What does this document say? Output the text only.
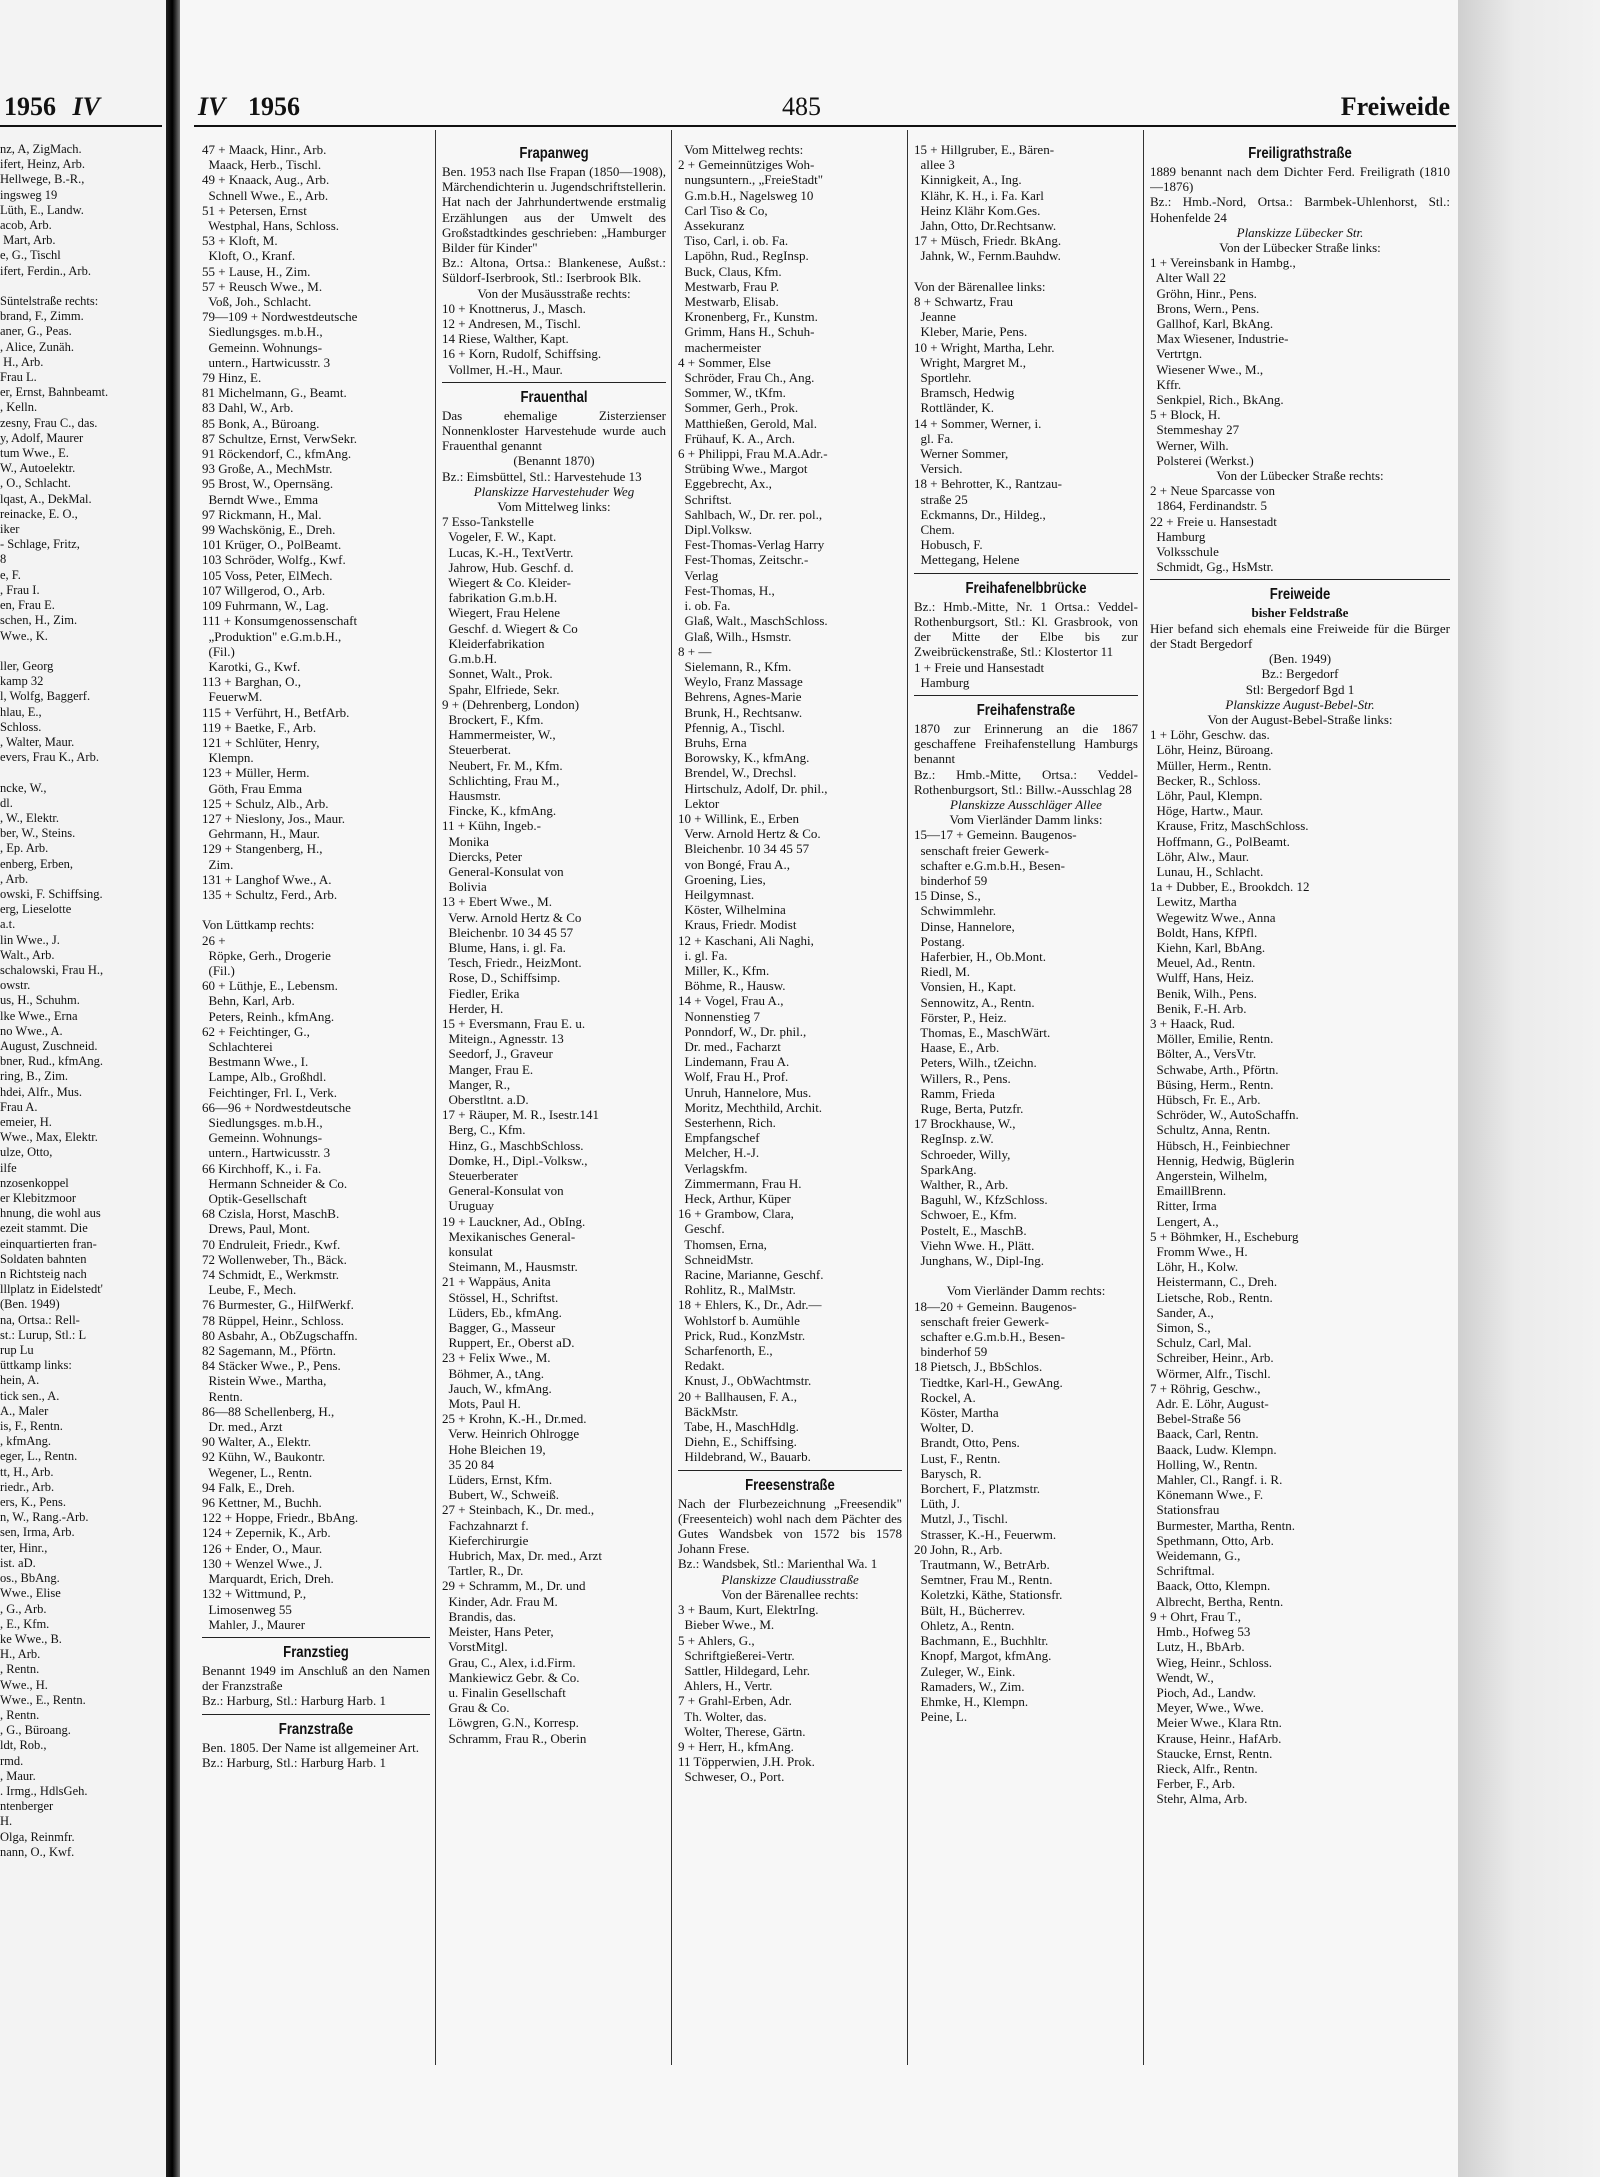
1956 IV
nz, A, ZigMach.
ifert, Heinz, Arb.
Hellwege, B.-R.,
ingsweg 19
Lüth, E., Landw.
acob, Arb.
Mart, Arb.
e, G., Tischl
ifert, Ferdin., Arb.

Süntelstraße rechts:
brand, F., Zimm.
aner, G., Peas.
, Alice, Zunäh.
H., Arb.
Frau L.
er, Ernst, Bahnbeamt.
, Kelln.
zesny, Frau C., das.
y, Adolf, Maurer
tum Wwe., E.
W., Autoelektr.
, O., Schlacht.
lqast, A., DekMal.
reinacke, E. O.,
iker
- Schlage, Fritz,
8
e, F.
, Frau I.
en, Frau E.
schen, H., Zim.
Wwe., K.

ller, Georg
kamp 32
l, Wolfg, Baggerf.
hlau, E.,
Schloss.
, Walter, Maur.
evers, Frau K., Arb.

ncke, W.,
dl.
, W., Elektr.
ber, W., Steins.
, Ep. Arb.
enberg, Erben,
, Arb.
owski, F. Schiffsing.
erg, Lieselotte
a.t.
lin Wwe., J.
Walt., Arb.
schalowski, Frau H.,
owstr.
us, H., Schuhm.
lke Wwe., Erna
no Wwe., A.
August, Zuschneid.
bner, Rud., kfmAng.
ring, B., Zim.
hdei, Alfr., Mus.
Frau A.
emeier, H.
Wwe., Max, Elektr.
ulze, Otto,
ilfe
nzosenkoppel
er Klebitzmoor
hnung, die wohl aus
ezeit stammt. Die
einquartierten fran-
Soldaten bahnten
n Richtsteig nach
lllplatz in Eidelstedt'
(Ben. 1949)
na, Ortsa.: Rell-
st.: Lurup, Stl.: L
rup Lu
üttkamp links:
hein, A.
tick sen., A.
A., Maler
is, F., Rentn.
, kfmAng.
eger, L., Rentn.
tt, H., Arb.
riedr., Arb.
ers, K., Pens.
n, W., Rang.-Arb.
sen, Irma, Arb.
ter, Hinr.,
ist. aD.
os., BbAng.
Wwe., Elise
, G., Arb.
, E., Kfm.
ke Wwe., B.
H., Arb.
, Rentn.
Wwe., H.
Wwe., E., Rentn.
, Rentn.
, G., Büroang.
ldt, Rob.,
rmd.
, Maur.
. Irmg., HdlsGeh.
ntenberger
H.
Olga, Reinmfr.
nann, O., Kwf.
IV 1956	485	Freiweide
47 + Maack, Hinr., Arb.
Maack, Herb., Tischl.
49 + Knaack, Aug., Arb.
Schnell Wwe., E., Arb.
51 + Petersen, Ernst
Westphal, Hans, Schloss.
53 + Kloft, M.
Kloft, O., Kranf.
55 + Lause, H., Zim.
57 + Reusch Wwe., M.
Voß, Joh., Schlacht.
79—109 + Nordwestdeutsche
Siedlungsges. m.b.H.,
Gemeinn. Wohnungs-
untern., Hartwicusstr. 3
79 Hinz, E.
81 Michelmann, G., Beamt.
83 Dahl, W., Arb.
85 Bonk, A., Büroang.
87 Schultze, Ernst, VerwSekr.
91 Röckendorf, C., kfmAng.
93 Große, A., MechMstr.
95 Brost, W., Opernsäng.
Berndt Wwe., Emma
97 Rickmann, H., Mal.
99 Wachskönig, E., Dreh.
101 Krüger, O., PolBeamt.
103 Schröder, Wolfg., Kwf.
105 Voss, Peter, ElMech.
107 Willgerod, O., Arb.
109 Fuhrmann, W., Lag.
111 + Konsumgenossenschaft
„Produktion" e.G.m.b.H.,
(Fil.)
Karotki, G., Kwf.
113 + Barghan, O.,
FeuerwM.
115 + Verführt, H., BetfArb.
119 + Baetke, F., Arb.
121 + Schlüter, Henry,
Klempn.
123 + Müller, Herm.
Göth, Frau Emma
125 + Schulz, Alb., Arb.
127 + Nieslony, Jos., Maur.
Gehrmann, H., Maur.
129 + Stangenberg, H.,
Zim.
131 + Langhof Wwe., A.
135 + Schultz, Ferd., Arb.

Von Lüttkamp rechts:
26 +
Röpke, Gerh., Drogerie
(Fil.)
60 + Lüthje, E., Lebensm.
Behn, Karl, Arb.
Peters, Reinh., kfmAng.
62 + Feichtinger, G.,
Schlachterei
Bestmann Wwe., I.
Lampe, Alb., Großhdl.
Feichtinger, Frl. I., Verk.
66—96 + Nordwestdeutsche
Siedlungsges. m.b.H.,
Gemeinn. Wohnungs-
untern., Hartwicusstr. 3
66 Kirchhoff, K., i. Fa.
Hermann Schneider & Co.
Optik-Gesellschaft
68 Czisla, Horst, MaschB.
Drews, Paul, Mont.
70 Endruleit, Friedr., Kwf.
72 Wollenweber, Th., Bäck.
74 Schmidt, E., Werkmstr.
Leube, F., Mech.
76 Burmester, G., HilfWerkf.
78 Rüppel, Heinr., Schloss.
80 Asbahr, A., ObZugschaffn.
82 Sagemann, M., Pförtn.
84 Stäcker Wwe., P., Pens.
Ristein Wwe., Martha,
Rentn.
86—88 Schellenberg, H.,
Dr. med., Arzt
90 Walter, A., Elektr.
92 Kühn, W., Baukontr.
Wegener, L., Rentn.
94 Falk, E., Dreh.
96 Kettner, M., Buchh.
122 + Hoppe, Friedr., BbAng.
124 + Zepernik, K., Arb.
126 + Ender, O., Maur.
130 + Wenzel Wwe., J.
Marquardt, Erich, Dreh.
132 + Wittmund, P.,
Limosenweg 55
Mahler, J., Maurer
Franzstieg
Benannt 1949 im Anschluß an den Namen der Franzstraße
Bz.: Harburg, Stl.: Harburg Harb. 1
Franzstraße
Ben. 1805. Der Name ist allgemeiner Art.
Bz.: Harburg, Stl.: Harburg Harb. 1
Frapanweg
Ben. 1953 nach Ilse Frapan (1850—1908), Märchendichterin u. Jugendschriftstellerin. Hat nach der Jahrhundertwende erstmalig Erzählungen aus der Umwelt des Großstadtkindes geschrieben: „Hamburger Bilder für Kinder"
Bz.: Altona, Ortsa.: Blankenese, Außst.: Süldorf-Iserbrook, Stl.: Iserbrook Blk.
Von der Musäusstraße rechts:
10 + Knottnerus, J., Masch.
12 + Andresen, M., Tischl.
14 Riese, Walther, Kapt.
16 + Korn, Rudolf, Schiffsing.
Vollmer, H.-H., Maur.
Frauenthal
Das ehemalige Zisterzienser Nonnenkloster Harvestehude wurde auch Frauenthal genannt
(Benannt 1870)
Bz.: Eimsbüttel, Stl.: Harvestehude 13
Planskizze Harvestehuder Weg
Vom Mittelweg links:
7 Esso-Tankstelle
Vogeler, F. W., Kapt.
Lucas, K.-H., TextVertr.
Jahrow, Hub. Geschf. d.
Wiegert & Co. Kleider-
fabrikation G.m.b.H.
Wiegert, Frau Helene
Geschf. d. Wiegert & Co
Kleiderfabrikation
G.m.b.H.
Sonnet, Walt., Prok.
Spahr, Elfriede, Sekr.
9 + (Dehrenberg, London)
Brockert, F., Kfm.
Hammermeister, W.,
Steuerberat.
Neubert, Fr. M., Kfm.
Schlichting, Frau M.,
Hausmstr.
Fincke, K., kfmAng.
11 + Kühn, Ingeb.-
Monika
Diercks, Peter
General-Konsulat von
Bolivia
13 + Ebert Wwe., M.
Verw. Arnold Hertz & Co
Bleichenbr. 10 34 45 57
Blume, Hans, i. gl. Fa.
Tesch, Friedr., HeizMont.
Rose, D., Schiffsimp.
Fiedler, Erika
Herder, H.
15 + Eversmann, Frau E. u.
Miteign., Agnesstr. 13
Seedorf, J., Graveur
Manger, Frau E.
Manger, R.,
Oberstltnt. a.D.
17 + Räuper, M. R., Isestr.141
Berg, C., Kfm.
Hinz, G., MaschbSchloss.
Domke, H., Dipl.-Volksw.,
Steuerberater
General-Konsulat von
Uruguay
19 + Lauckner, Ad., ObIng.
Mexikanisches General-
konsulat
Steimann, M., Hausmstr.
21 + Wappäus, Anita
Stössel, H., Schriftst.
Lüders, Eb., kfmAng.
Bagger, G., Masseur
Ruppert, Er., Oberst aD.
23 + Felix Wwe., M.
Böhmer, A., tAng.
Jauch, W., kfmAng.
Mots, Paul H.
25 + Krohn, K.-H., Dr.med.
Verw. Heinrich Ohlrogge
Hohe Bleichen 19,
35 20 84
Lüders, Ernst, Kfm.
Bubert, W., Schweiß.
27 + Steinbach, K., Dr. med.,
Fachzahnarzt f.
Kieferchirurgie
Hubrich, Max, Dr. med., Arzt
Tartler, R., Dr.
29 + Schramm, M., Dr. und
Kinder, Adr. Frau M.
Brandis, das.
Meister, Hans Peter,
VorstMitgl.
Grau, C., Alex, i.d.Firm.
Mankiewicz Gebr. & Co.
u. Finalin Gesellschaft
Grau & Co.
Löwgren, G.N., Korresp.
Schramm, Frau R., Oberin
Vom Mittelweg rechts:
2 + Gemeinnütziges Woh-
nungsuntern., „FreieStadt"
G.m.b.H., Nagelsweg 10
Carl Tiso & Co,
Assekuranz
Tiso, Carl, i. ob. Fa.
Lapöhn, Rud., RegInsp.
Buck, Claus, Kfm.
Mestwarb, Frau P.
Mestwarb, Elisab.
Kronenberg, Fr., Kunstm.
Grimm, Hans H., Schuh-
machermeister
4 + Sommer, Else
Schröder, Frau Ch., Ang.
Sommer, W., tKfm.
Sommer, Gerh., Prok.
Matthießen, Gerold, Mal.
Frühauf, K. A., Arch.
6 + Philippi, Frau M.A.Adr.-
Strübing Wwe., Margot
Eggebrecht, Ax.,
Schriftst.
Sahlbach, W., Dr. rer. pol.,
Dipl.Volksw.
Fest-Thomas-Verlag Harry
Fest-Thomas, Zeitschr.-
Verlag
Fest-Thomas, H.,
i. ob. Fa.
Glaß, Walt., MaschSchloss.
Glaß, Wilh., Hsmstr.
8 + —
Sielemann, R., Kfm.
Weylo, Franz Massage
Behrens, Agnes-Marie
Brunk, H., Rechtsanw.
Pfennig, A., Tischl.
Bruhs, Erna
Borowsky, K., kfmAng.
Brendel, W., Drechsl.
Hirtschulz, Adolf, Dr. phil.,
Lektor
10 + Willink, E., Erben
Verw. Arnold Hertz & Co.
Bleichenbr. 10 34 45 57
von Bongé, Frau A.,
Groening, Lies,
Heilgymnast.
Köster, Wilhelmina
Kraus, Friedr. Modist
12 + Kaschani, Ali Naghi,
i. gl. Fa.
Miller, K., Kfm.
Böhme, R., Hausw.
14 + Vogel, Frau A.,
Nonnenstieg 7
Ponndorf, W., Dr. phil.,
Dr. med., Facharzt
Lindemann, Frau A.
Wolf, Frau H., Prof.
Unruh, Hannelore, Mus.
Moritz, Mechthild, Archit.
Sesterhenn, Rich.
Empfangschef
Melcher, H.-J.
Verlagskfm.
Zimmermann, Frau H.
Heck, Arthur, Küper
16 + Grambow, Clara,
Geschf.
Thomsen, Erna,
SchneidMstr.
Racine, Marianne, Geschf.
Rohlitz, R., MalMstr.
18 + Ehlers, K., Dr., Adr.—
Wohlstorf b. Aumühle
Prick, Rud., KonzMstr.
Scharfenorth, E.,
Redakt.
Knust, J., ObWachtmstr.
20 + Ballhausen, F. A.,
BäckMstr.
Tabe, H., MaschHdlg.
Diehn, E., Schiffsing.
Hildebrand, W., Bauarb.
Freesenstraße
Nach der Flurbezeichnung „Freesendik" (Freesenteich) wohl nach dem Pächter des Gutes Wandsbek von 1572 bis 1578 Johann Frese.
Bz.: Wandsbek, Stl.: Marienthal Wa. 1
Planskizze Claudiusstraße
Von der Bärenallee rechts:
3 + Baum, Kurt, ElektrIng.
Bieber Wwe., M.
5 + Ahlers, G.,
Schriftgießerei-Vertr.
Sattler, Hildegard, Lehr.
Ahlers, H., Vertr.
7 + Grahl-Erben, Adr.
Th. Wolter, das.
Wolter, Therese, Gärtn.
9 + Herr, H., kfmAng.
11 Töpperwien, J.H. Prok.
Schweser, O., Port.
15 + Hillgruber, E., Bären-
allee 3
Kinnigkeit, A., Ing.
Klähr, K. H., i. Fa. Karl
Heinz Klähr Kom.Ges.
Jahn, Otto, Dr.Rechtsanw.
17 + Müsch, Friedr. BkAng.
Jahnk, W., Fernm.Bauhdw.

Von der Bärenallee links:
8 + Schwartz, Frau
Jeanne
Kleber, Marie, Pens.
10 + Wright, Martha, Lehr.
Wright, Margret M.,
Sportlehr.
Bramsch, Hedwig
Rottländer, K.
14 + Sommer, Werner, i.
gl. Fa.
Werner Sommer,
Versich.
18 + Behrotter, K., Rantzau-
straße 25
Eckmanns, Dr., Hildeg.,
Chem.
Hobusch, F.
Mettegang, Helene
Freihafenelbbrücke
Bz.: Hmb.-Mitte, Nr. 1 Ortsa.: Veddel-Rothenburgsort, Stl.: Kl. Grasbrook, von der Mitte der Elbe bis zur Zweibrückenstraße, Stl.: Klostertor 11
1 + Freie und Hansestadt
Hamburg
Freihafenstraße
1870 zur Erinnerung an die 1867 geschaffene Freihafenstellung Hamburgs benannt
Bz.: Hmb.-Mitte, Ortsa.: Veddel-Rothenburgsort, Stl.: Billw.-Ausschlag 28
Planskizze Ausschläger Allee
Vom Vierländer Damm links:
15—17 + Gemeinn. Baugenos-
senschaft freier Gewerk-
schafter e.G.m.b.H., Besen-
binderhof 59
15 Dinse, S.,
Schwimmlehr.
Dinse, Hannelore,
Postang.
Haferbier, H., Ob.Mont.
Riedl, M.
Vonsien, H., Kapt.
Sennowitz, A., Rentn.
Förster, P., Heiz.
Thomas, E., MaschWärt.
Haase, E., Arb.
Peters, Wilh., tZeichn.
Willers, R., Pens.
Ramm, Frieda
Ruge, Berta, Putzfr.
17 Brockhause, W.,
RegInsp. z.W.
Schroeder, Willy,
SparkAng.
Walther, R., Arb.
Baguhl, W., KfzSchloss.
Schwoer, E., Kfm.
Postelt, E., MaschB.
Viehn Wwe. H., Plätt.
Junghans, W., Dipl-Ing.

Vom Vierländer Damm rechts:
18—20 + Gemeinn. Baugenos-
senschaft freier Gewerk-
schafter e.G.m.b.H., Besen-
binderhof 59
18 Pietsch, J., BbSchlos.
Tiedtke, Karl-H., GewAng.
Rockel, A.
Köster, Martha
Wolter, D.
Brandt, Otto, Pens.
Lust, F., Rentn.
Barysch, R.
Borchert, F., Platzmstr.
Lüth, J.
Mutzl, J., Tischl.
Strasser, K.-H., Feuerwm.
20 John, R., Arb.
Trautmann, W., BetrArb.
Semtner, Frau M., Rentn.
Koletzki, Käthe, Stationsfr.
Bült, H., Bücherrev.
Ohletz, A., Rentn.
Bachmann, E., Buchhltr.
Knopf, Margot, kfmAng.
Zuleger, W., Eink.
Ramaders, W., Zim.
Ehmke, H., Klempn.
Peine, L.
Freiligrathstraße
1889 benannt nach dem Dichter Ferd. Freiligrath (1810—1876)
Bz.: Hmb.-Nord, Ortsa.: Barmbek-Uhlenhorst, Stl.: Hohenfelde 24
Planskizze Lübecker Str.
Von der Lübecker Straße links:
1 + Vereinsbank in Hambg.,
Alter Wall 22
Gröhn, Hinr., Pens.
Brons, Wern., Pens.
Gallhof, Karl, BkAng.
Max Wiesener, Industrie-
Vertrtgn.
Wiesener Wwe., M.,
Kffr.
Senkpiel, Rich., BkAng.
5 + Block, H.
Stemmeshay 27
Werner, Wilh.
Polsterei (Werkst.)
Von der Lübecker Straße rechts:
2 + Neue Sparcasse von
1864, Ferdinandstr. 5
22 + Freie u. Hansestadt
Hamburg
Volksschule
Schmidt, Gg., HsMstr.
Freiweide
bisher Feldstraße
Hier befand sich ehemals eine Freiweide für die Bürger der Stadt Bergedorf
(Ben. 1949)
Bz.: Bergedorf
Stl: Bergedorf Bgd 1
Planskizze August-Bebel-Str.
Von der August-Bebel-Straße links:
1 + Löhr, Geschw. das.
Löhr, Heinz, Büroang.
Müller, Herm., Rentn.
Becker, R., Schloss.
Löhr, Paul, Klempn.
Höge, Hartw., Maur.
Krause, Fritz, MaschSchloss.
Hoffmann, G., PolBeamt.
Löhr, Alw., Maur.
Lunau, H., Schlacht.
1a + Dubber, E., Brookdch. 12
Lewitz, Martha
Wegewitz Wwe., Anna
Boldt, Hans, KfPfl.
Kiehn, Karl, BbAng.
Meuel, Ad., Rentn.
Wulff, Hans, Heiz.
Benik, Wilh., Pens.
Benik, F.-H. Arb.
3 + Haack, Rud.
Möller, Emilie, Rentn.
Bölter, A., VersVtr.
Schwabe, Arth., Pförtn.
Büsing, Herm., Rentn.
Hübsch, Fr. E., Arb.
Schröder, W., AutoSchaffn.
Schultz, Anna, Rentn.
Hübsch, H., Feinbiechner
Hennig, Hedwig, Büglerin
Angerstein, Wilhelm,
EmaillBrenn.
Ritter, Irma
Lengert, A.,
5 + Böhmker, H., Escheburg
Fromm Wwe., H.
Löhr, H., Kolw.
Heistermann, C., Dreh.
Lietsche, Rob., Rentn.
Sander, A.,
Simon, S.,
Schulz, Carl, Mal.
Schreiber, Heinr., Arb.
Wörmer, Alfr., Tischl.
7 + Röhrig, Geschw.,
Adr. E. Löhr, August-
Bebel-Straße 56
Baack, Carl, Rentn.
Baack, Ludw. Klempn.
Holling, W., Rentn.
Mahler, Cl., Rangf. i. R.
Könemann Wwe., F.
Stationsfrau
Burmester, Martha, Rentn.
Spethmann, Otto, Arb.
Weidemann, G.,
Schriftmal.
Baack, Otto, Klempn.
Albrecht, Bertha, Rentn.
9 + Ohrt, Frau T.,
Hmb., Hofweg 53
Lutz, H., BbArb.
Wieg, Heinr., Schloss.
Wendt, W.,
Pioch, Ad., Landw.
Meyer, Wwe., Wwe.
Meier Wwe., Klara Rtn.
Krause, Heinr., HafArb.
Staucke, Ernst, Rentn.
Rieck, Alfr., Rentn.
Ferber, F., Arb.
Stehr, Alma, Arb.
